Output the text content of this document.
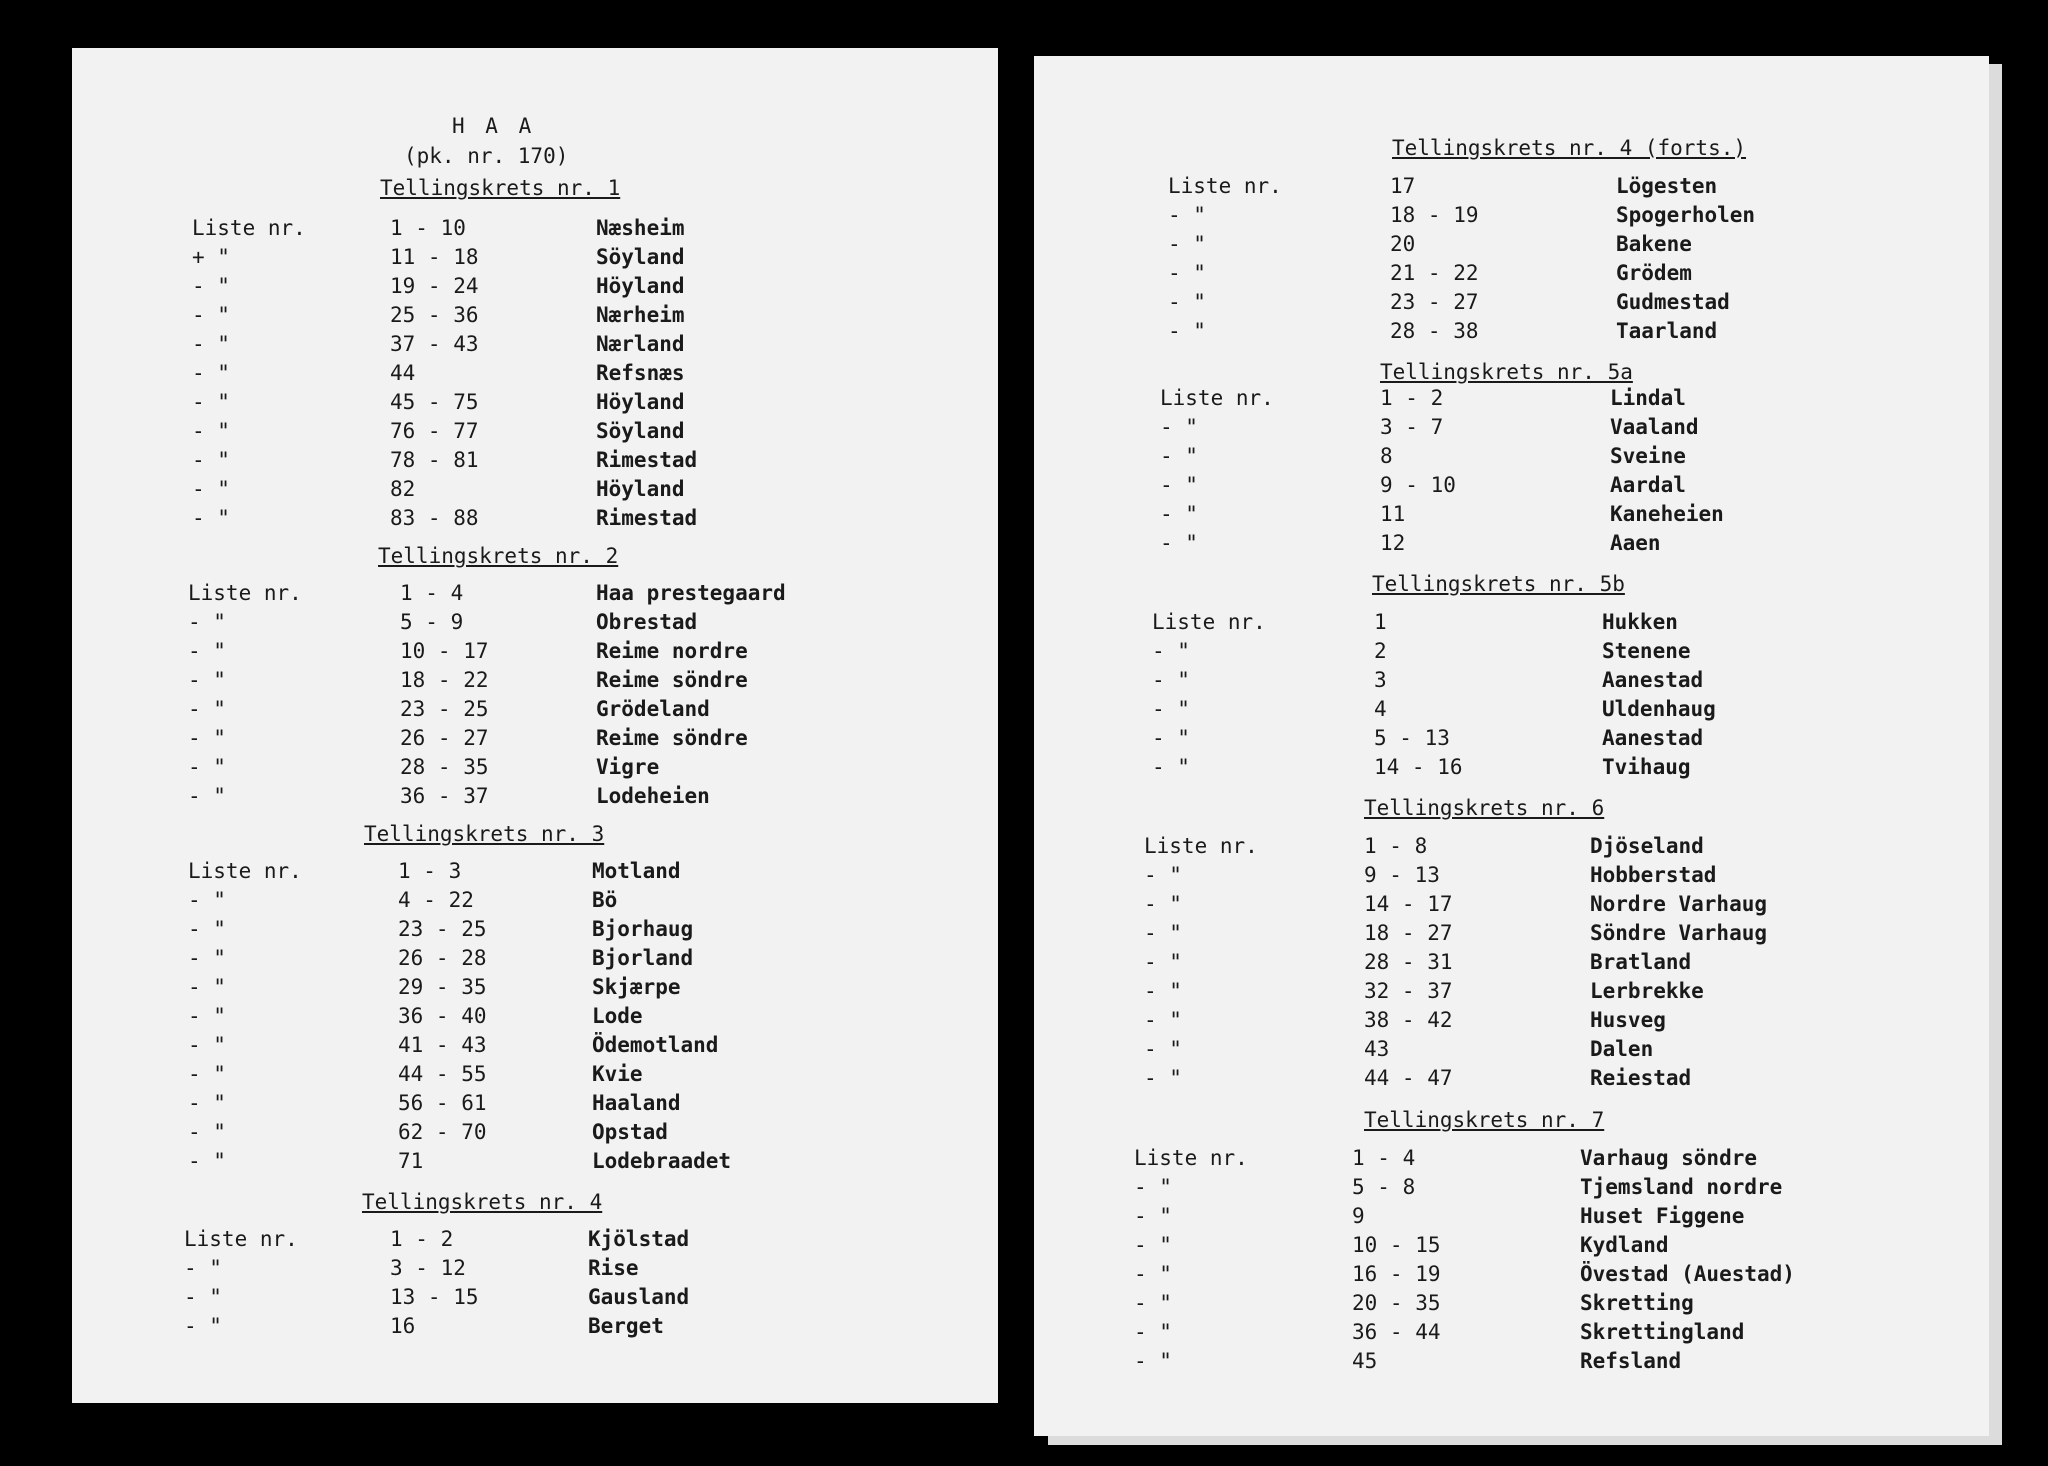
H A A
(pk. nr. 170)
Tellingskrets nr. 1
Liste nr.	1 - 10	Næsheim
+ "	11 - 18	Söyland
- "	19 - 24	Höyland
- "	25 - 36	Nærheim
- "	37 - 43	Nærland
- "	44	Refsnæs
- "	45 - 75	Höyland
- "	76 - 77	Söyland
- "	78 - 81	Rimestad
- "	82	Höyland
- "	83 - 88	Rimestad
Tellingskrets nr. 2
Liste nr.	1 - 4	Haa prestegaard
- "	5 - 9	Obrestad
- "	10 - 17	Reime nordre
- "	18 - 22	Reime söndre
- "	23 - 25	Grödeland
- "	26 - 27	Reime söndre
- "	28 - 35	Vigre
- "	36 - 37	Lodeheien
Tellingskrets nr. 3
Liste nr.	1 - 3	Motland
- "	4 - 22	Bö
- "	23 - 25	Bjorhaug
- "	26 - 28	Bjorland
- "	29 - 35	Skjærpe
- "	36 - 40	Lode
- "	41 - 43	Ödemotland
- "	44 - 55	Kvie
- "	56 - 61	Haaland
- "	62 - 70	Opstad
- "	71	Lodebraadet
Tellingskrets nr. 4
Liste nr.	1 - 2	Kjölstad
- "	3 - 12	Rise
- "	13 - 15	Gausland
- "	16	Berget
Tellingskrets nr. 4 (forts.)
Liste nr.	17	Lögesten
- "	18 - 19	Spogerholen
- "	20	Bakene
- "	21 - 22	Grödem
- "	23 - 27	Gudmestad
- "	28 - 38	Taarland
Tellingskrets nr. 5a
Liste nr.	1 - 2	Lindal
- "	3 - 7	Vaaland
- "	8	Sveine
- "	9 - 10	Aardal
- "	11	Kaneheien
- "	12	Aaen
Tellingskrets nr. 5b
Liste nr.	1	Hukken
- "	2	Stenene
- "	3	Aanestad
- "	4	Uldenhaug
- "	5 - 13	Aanestad
- "	14 - 16	Tvihaug
Tellingskrets nr. 6
Liste nr.	1 - 8	Djöseland
- "	9 - 13	Hobberstad
- "	14 - 17	Nordre Varhaug
- "	18 - 27	Söndre Varhaug
- "	28 - 31	Bratland
- "	32 - 37	Lerbrekke
- "	38 - 42	Husveg
- "	43	Dalen
- "	44 - 47	Reiestad
Tellingskrets nr. 7
Liste nr.	1 - 4	Varhaug söndre
- "	5 - 8	Tjemsland nordre
- "	9	Huset Figgene
- "	10 - 15	Kydland
- "	16 - 19	Övestad (Auestad)
- "	20 - 35	Skretting
- "	36 - 44	Skrettingland
- "	45	Refsland
